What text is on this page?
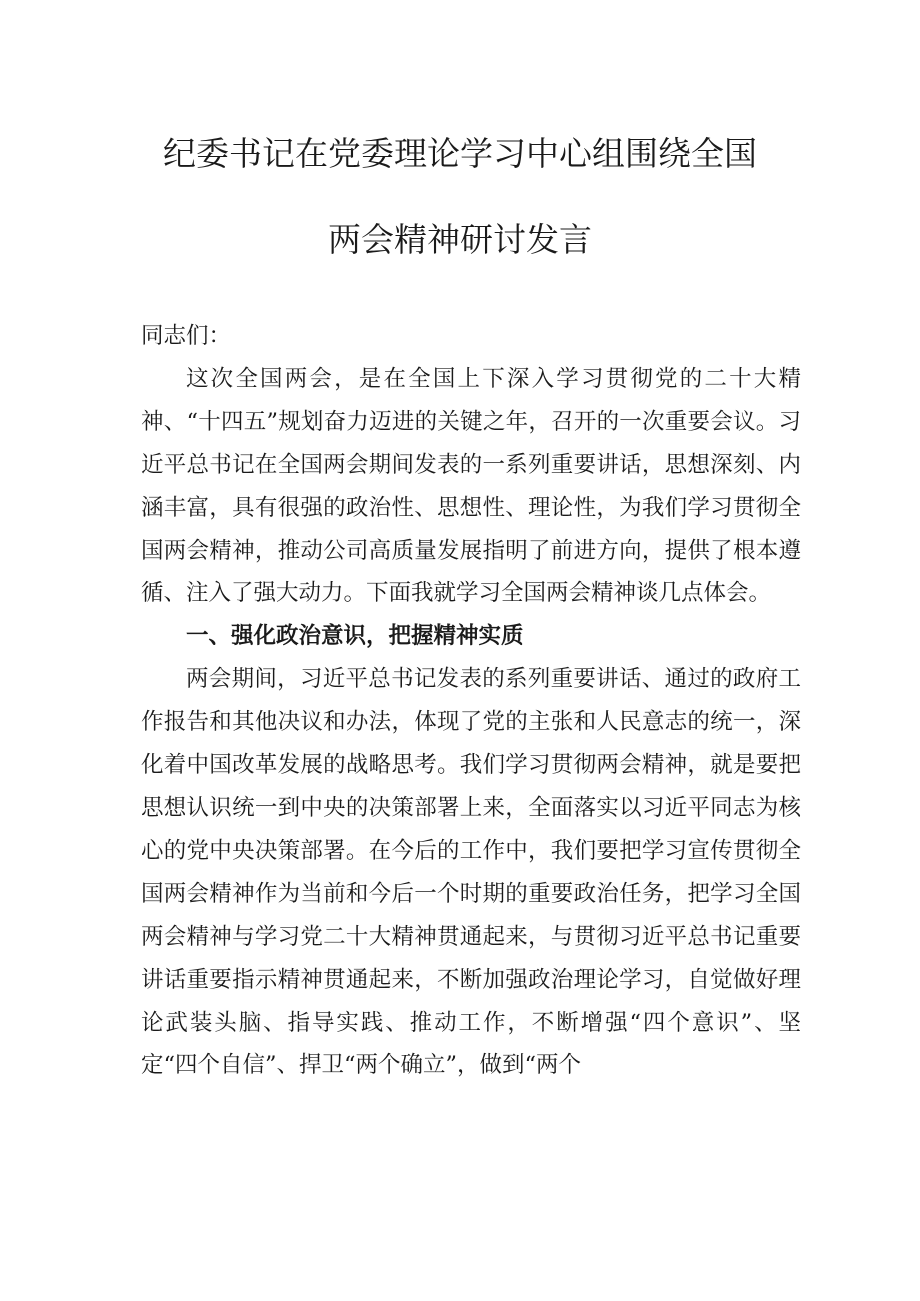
纪委书记在党委理论学习中心组围绕全国
两会精神研讨发言

同志们：

这次全国两会，是在全国上下深入学习贯彻党的二十大精神、“十四五”规划奋力迈进的关键之年，召开的一次重要会议。习近平总书记在全国两会期间发表的一系列重要讲话，思想深刻、内涵丰富，具有很强的政治性、思想性、理论性，为我们学习贯彻全国两会精神，推动公司高质量发展指明了前进方向，提供了根本遵循、注入了强大动力。下面我就学习全国两会精神谈几点体会。

一、强化政治意识，把握精神实质

两会期间，习近平总书记发表的系列重要讲话、通过的政府工作报告和其他决议和办法，体现了党的主张和人民意志的统一，深化着中国改革发展的战略思考。我们学习贯彻两会精神，就是要把思想认识统一到中央的决策部署上来，全面落实以习近平同志为核心的党中央决策部署。在今后的工作中，我们要把学习宣传贯彻全国两会精神作为当前和今后一个时期的重要政治任务，把学习全国两会精神与学习党二十大精神贯通起来，与贯彻习近平总书记重要讲话重要指示精神贯通起来，不断加强政治理论学习，自觉做好理论武装头脑、指导实践、推动工作，不断增强“四个意识”、坚定“四个自信”、捍卫“两个确立”，做到“两个
